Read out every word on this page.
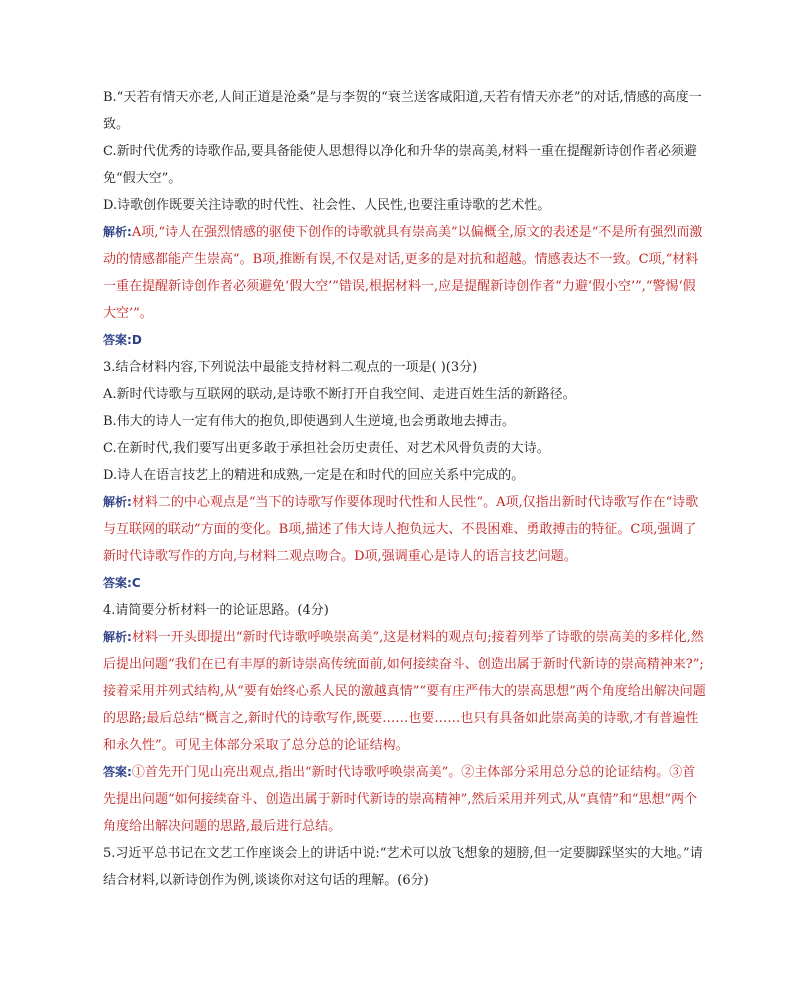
B.“天若有情天亦老,人间正道是沧桑”是与李贺的“衰兰送客咸阳道,天若有情天亦老”的对话,情感的高度一致。

C.新时代优秀的诗歌作品,要具备能使人思想得以净化和升华的崇高美,材料一重在提醒新诗创作者必须避免“假大空”。

D.诗歌创作既要关注诗歌的时代性、社会性、人民性,也要注重诗歌的艺术性。

解析:A项,“诗人在强烈情感的驱使下创作的诗歌就具有崇高美”以偏概全,原文的表述是“不是所有强烈而激动的情感都能产生崇高”。B项,推断有误,不仅是对话,更多的是对抗和超越。情感表达不一致。C项,“材料一重在提醒新诗创作者必须避免‘假大空’”错误,根据材料一,应是提醒新诗创作者“力避‘假小空’”,“警惕‘假大空’”。

答案:D

3.结合材料内容,下列说法中最能支持材料二观点的一项是( )(3分)

A.新时代诗歌与互联网的联动,是诗歌不断打开自我空间、走进百姓生活的新路径。

B.伟大的诗人一定有伟大的抱负,即使遇到人生逆境,也会勇敢地去搏击。

C.在新时代,我们要写出更多敢于承担社会历史责任、对艺术风骨负责的大诗。

D.诗人在语言技艺上的精进和成熟,一定是在和时代的回应关系中完成的。

解析:材料二的中心观点是“当下的诗歌写作要体现时代性和人民性”。A项,仅指出新时代诗歌写作在“诗歌与互联网的联动”方面的变化。B项,描述了伟大诗人抱负远大、不畏困难、勇敢搏击的特征。C项,强调了新时代诗歌写作的方向,与材料二观点吻合。D项,强调重心是诗人的语言技艺问题。

答案:C

4.请简要分析材料一的论证思路。(4分)

解析:材料一开头即提出“新时代诗歌呼唤崇高美”,这是材料的观点句;接着列举了诗歌的崇高美的多样化,然后提出问题“我们在已有丰厚的新诗崇高传统面前,如何接续奋斗、创造出属于新时代新诗的崇高精神来?”;接着采用并列式结构,从“要有始终心系人民的激越真情”“要有庄严伟大的崇高思想”两个角度给出解决问题的思路;最后总结“概言之,新时代的诗歌写作,既要……也要……也只有具备如此崇高美的诗歌,才有普遍性和永久性”。可见主体部分采取了总分总的论证结构。

答案:①首先开门见山亮出观点,指出“新时代诗歌呼唤崇高美”。②主体部分采用总分总的论证结构。③首先提出问题“如何接续奋斗、创造出属于新时代新诗的崇高精神”,然后采用并列式,从“真情”和“思想”两个角度给出解决问题的思路,最后进行总结。

5.习近平总书记在文艺工作座谈会上的讲话中说:“艺术可以放飞想象的翅膀,但一定要脚踩坚实的大地。”请结合材料,以新诗创作为例,谈谈你对这句话的理解。(6分)
